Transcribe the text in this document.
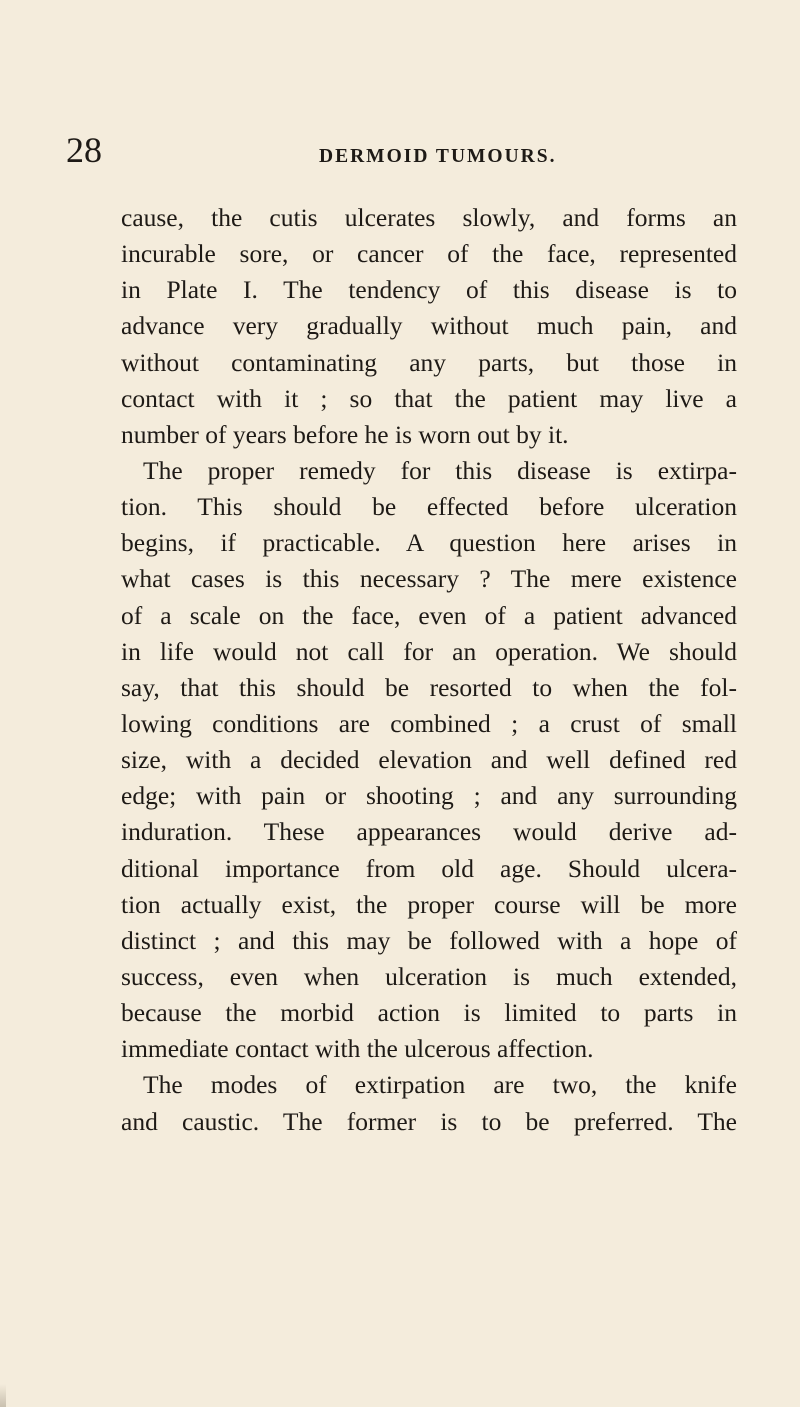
28	DERMOID TUMOURS.
cause, the cutis ulcerates slowly, and forms an
incurable sore, or cancer of the face, represented
in Plate I. The tendency of this disease is to
advance very gradually without much pain, and
without contaminating any parts, but those in
contact with it ; so that the patient may live a
number of years before he is worn out by it.
The proper remedy for this disease is extirpa-
tion. This should be effected before ulceration
begins, if practicable. A question here arises in
what cases is this necessary ? The mere existence
of a scale on the face, even of a patient advanced
in life would not call for an operation. We should
say, that this should be resorted to when the fol-
lowing conditions are combined ; a crust of small
size, with a decided elevation and well defined red
edge; with pain or shooting ; and any surrounding
induration. These appearances would derive ad-
ditional importance from old age. Should ulcera-
tion actually exist, the proper course will be more
distinct ; and this may be followed with a hope of
success, even when ulceration is much extended,
because the morbid action is limited to parts in
immediate contact with the ulcerous affection.
The modes of extirpation are two, the knife
and caustic. The former is to be preferred. The
